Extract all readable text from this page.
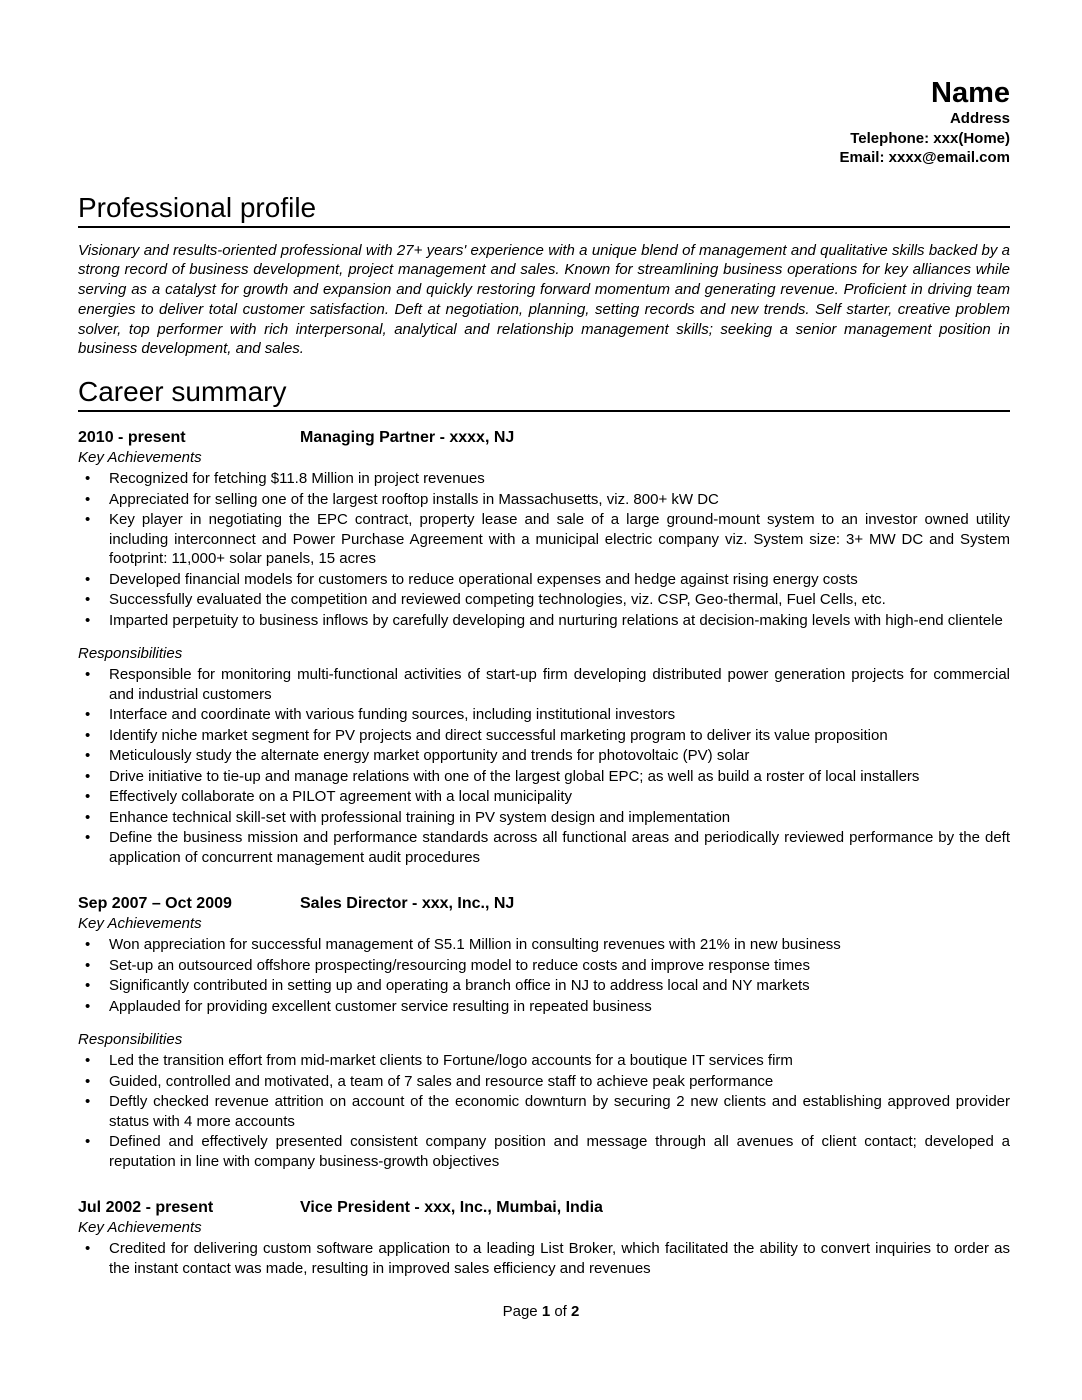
Name
Address
Telephone: xxx(Home)
Email: xxxx@email.com
Professional profile

Visionary and results-oriented professional with 27+ years' experience with a unique blend of management and qualitative skills backed by a strong record of business development, project management and sales. Known for streamlining business operations for key alliances while serving as a catalyst for growth and expansion and quickly restoring forward momentum and generating revenue. Proficient in driving team energies to deliver total customer satisfaction. Deft at negotiation, planning, setting records and new trends. Self starter, creative problem solver, top performer with rich interpersonal, analytical and relationship management skills; seeking a senior management position in business development, and sales.

Career summary
2010 - present	Managing Partner - xxxx, NJ
Key Achievements
• Recognized for fetching $11.8 Million in project revenues
• Appreciated for selling one of the largest rooftop installs in Massachusetts, viz. 800+ kW DC
• Key player in negotiating the EPC contract, property lease and sale of a large ground-mount system to an investor owned utility including interconnect and Power Purchase Agreement with a municipal electric company viz. System size: 3+ MW DC and System footprint: 11,000+ solar panels, 15 acres
• Developed financial models for customers to reduce operational expenses and hedge against rising energy costs
• Successfully evaluated the competition and reviewed competing technologies, viz. CSP, Geo-thermal, Fuel Cells, etc.
• Imparted perpetuity to business inflows by carefully developing and nurturing relations at decision-making levels with high-end clientele
Responsibilities
• Responsible for monitoring multi-functional activities of start-up firm developing distributed power generation projects for commercial and industrial customers
• Interface and coordinate with various funding sources, including institutional investors
• Identify niche market segment for PV projects and direct successful marketing program to deliver its value proposition
• Meticulously study the alternate energy market opportunity and trends for photovoltaic (PV) solar
• Drive initiative to tie-up and manage relations with one of the largest global EPC; as well as build a roster of local installers
• Effectively collaborate on a PILOT agreement with a local municipality
• Enhance technical skill-set with professional training in PV system design and implementation
• Define the business mission and performance standards across all functional areas and periodically reviewed performance by the deft application of concurrent management audit procedures
Sep 2007 – Oct 2009	Sales Director - xxx, Inc., NJ
Key Achievements
• Won appreciation for successful management of S5.1 Million in consulting revenues with 21% in new business
• Set-up an outsourced offshore prospecting/resourcing model to reduce costs and improve response times
• Significantly contributed in setting up and operating a branch office in NJ to address local and NY markets
• Applauded for providing excellent customer service resulting in repeated business
Responsibilities
• Led the transition effort from mid-market clients to Fortune/logo accounts for a boutique IT services firm
• Guided, controlled and motivated, a team of 7 sales and resource staff to achieve peak performance
• Deftly checked revenue attrition on account of the economic downturn by securing 2 new clients and establishing approved provider status with 4 more accounts
• Defined and effectively presented consistent company position and message through all avenues of client contact; developed a reputation in line with company business-growth objectives
Jul 2002 - present	Vice President - xxx, Inc., Mumbai, India
Key Achievements
• Credited for delivering custom software application to a leading List Broker, which facilitated the ability to convert inquiries to order as the instant contact was made, resulting in improved sales efficiency and revenues
Page 1 of 2
